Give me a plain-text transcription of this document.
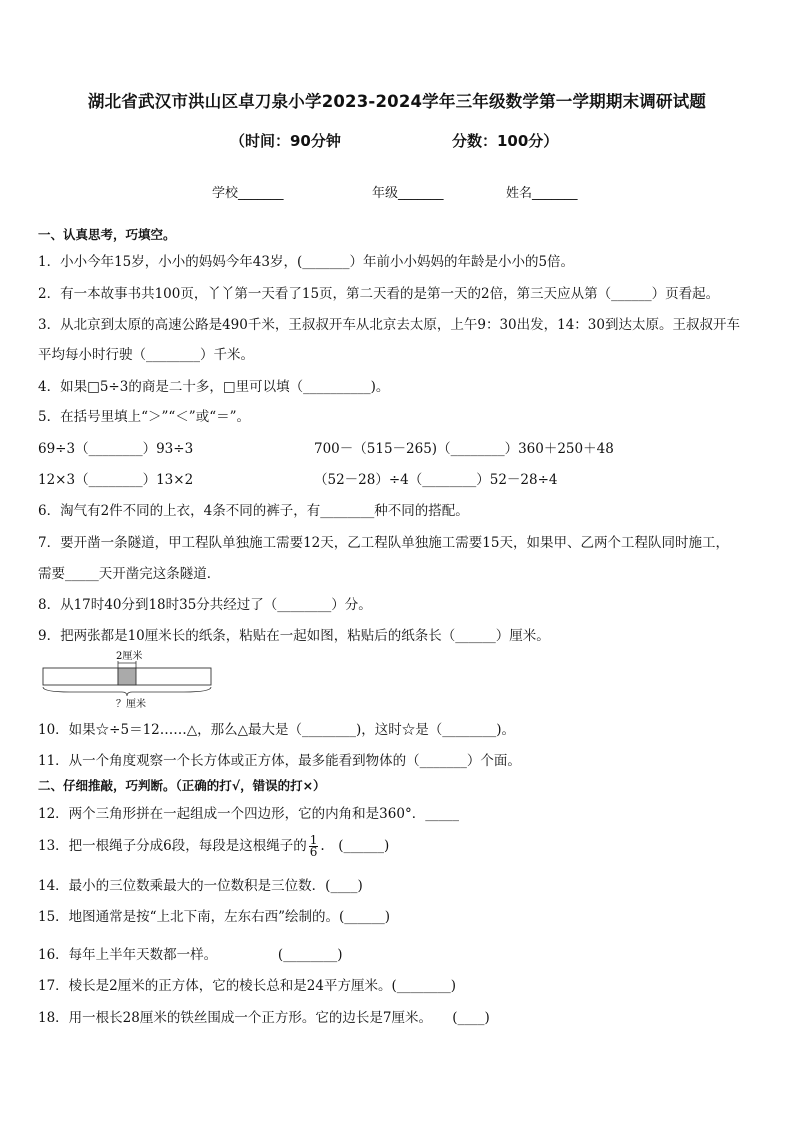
湖北省武汉市洪山区卓刀泉小学2023-2024学年三年级数学第一学期期末调研试题
（时间：90分钟	分数：100分）
学校_______	年级_______	姓名_______
一、认真思考，巧填空。
1．小小今年15岁，小小的妈妈今年43岁，(_______）年前小小妈妈的年龄是小小的5倍。
2．有一本故事书共100页，丫丫第一天看了15页，第二天看的是第一天的2倍，第三天应从第（______）页看起。
3．从北京到太原的高速公路是490千米，王叔叔开车从北京去太原，上午9：30出发，14：30到达太原。王叔叔开车
平均每小时行驶（________）千米。
4．如果□5÷3的商是二十多，□里可以填（__________)。
5．在括号里填上“＞”“＜”或“＝”。
69÷3（________）93÷3	700－（515－265)（________）360＋250＋48
12×3（________）13×2	（52－28）÷4（________）52－28÷4
6．淘气有2件不同的上衣，4条不同的裤子，有________种不同的搭配。
7．要开凿一条隧道，甲工程队单独施工需要12天，乙工程队单独施工需要15天，如果甲、乙两个工程队同时施工，
需要_____天开凿完这条隧道．
8．从17时40分到18时35分共经过了（________）分。
9．把两张都是10厘米长的纸条，粘贴在一起如图，粘贴后的纸条长（______）厘米。
2厘米
？厘米
10．如果☆÷5＝12……△，那么△最大是（________)，这时☆是（________)。
11．从一个角度观察一个长方体或正方体，最多能看到物体的（_______）个面。
二、仔细推敲，巧判断。（正确的打√，错误的打×）
12．两个三角形拼在一起组成一个四边形，它的内角和是360°．_____
13．把一根绳子分成6段，每段是这根绳子的 $\frac{1}{6}$ .　(______)
14．最小的三位数乘最大的一位数积是三位数．(____)
15．地图通常是按“上北下南，左东右西”绘制的。(______)
16．每年上半年天数都一样。　　　　　(________)
17．棱长是2厘米的正方体，它的棱长总和是24平方厘米。(________)
18．用一根长28厘米的铁丝围成一个正方形。它的边长是7厘米。　　(____)
